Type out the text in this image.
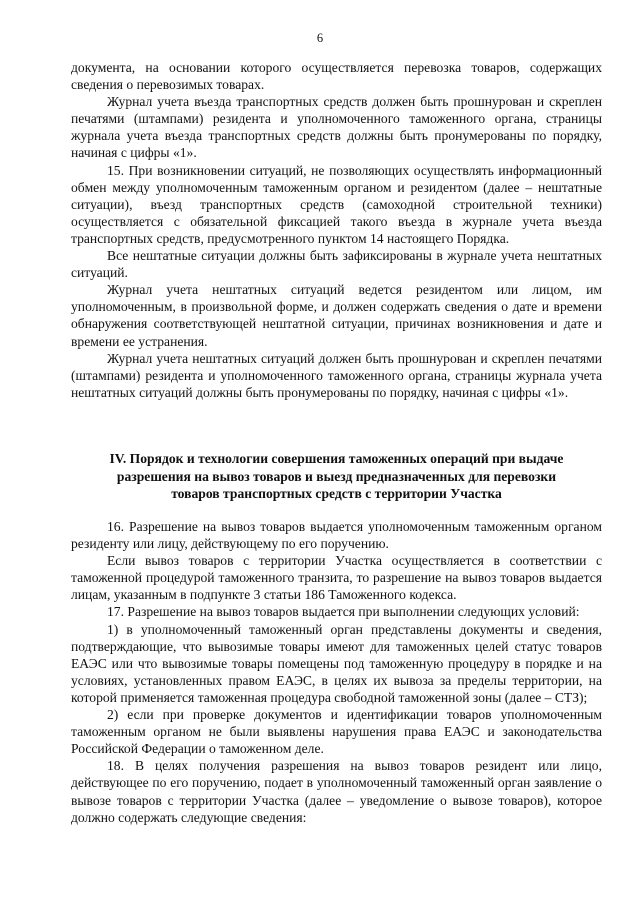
6

документа, на основании которого осуществляется перевозка товаров, содержащих сведения о перевозимых товарах.

Журнал учета въезда транспортных средств должен быть прошнурован и скреплен печатями (штампами) резидента и уполномоченного таможенного органа, страницы журнала учета въезда транспортных средств должны быть пронумерованы по порядку, начиная с цифры «1».

15. При возникновении ситуаций, не позволяющих осуществлять информационный обмен между уполномоченным таможенным органом и резидентом (далее – нештатные ситуации), въезд транспортных средств (самоходной строительной техники) осуществляется с обязательной фиксацией такого въезда в журнале учета въезда транспортных средств, предусмотренного пунктом 14 настоящего Порядка.

Все нештатные ситуации должны быть зафиксированы в журнале учета нештатных ситуаций.

Журнал учета нештатных ситуаций ведется резидентом или лицом, им уполномоченным, в произвольной форме, и должен содержать сведения о дате и времени обнаружения соответствующей нештатной ситуации, причинах возникновения и дате и времени ее устранения.

Журнал учета нештатных ситуаций должен быть прошнурован и скреплен печатями (штампами) резидента и уполномоченного таможенного органа, страницы журнала учета нештатных ситуаций должны быть пронумерованы по порядку, начиная с цифры «1».

IV. Порядок и технологии совершения таможенных операций при выдаче
разрешения на вывоз товаров и выезд предназначенных для перевозки
товаров транспортных средств с территории Участка

16. Разрешение на вывоз товаров выдается уполномоченным таможенным органом резиденту или лицу, действующему по его поручению.

Если вывоз товаров с территории Участка осуществляется в соответствии с таможенной процедурой таможенного транзита, то разрешение на вывоз товаров выдается лицам, указанным в подпункте 3 статьи 186 Таможенного кодекса.

17. Разрешение на вывоз товаров выдается при выполнении следующих условий:

1) в уполномоченный таможенный орган представлены документы и сведения, подтверждающие, что вывозимые товары имеют для таможенных целей статус товаров ЕАЭС или что вывозимые товары помещены под таможенную процедуру в порядке и на условиях, установленных правом ЕАЭС, в целях их вывоза за пределы территории, на которой применяется таможенная процедура свободной таможенной зоны (далее – СТЗ);

2) если при проверке документов и идентификации товаров уполномоченным таможенным органом не были выявлены нарушения права ЕАЭС и законодательства Российской Федерации о таможенном деле.

18. В целях получения разрешения на вывоз товаров резидент или лицо, действующее по его поручению, подает в уполномоченный таможенный орган заявление о вывозе товаров с территории Участка (далее – уведомление о вывозе товаров), которое должно содержать следующие сведения:
